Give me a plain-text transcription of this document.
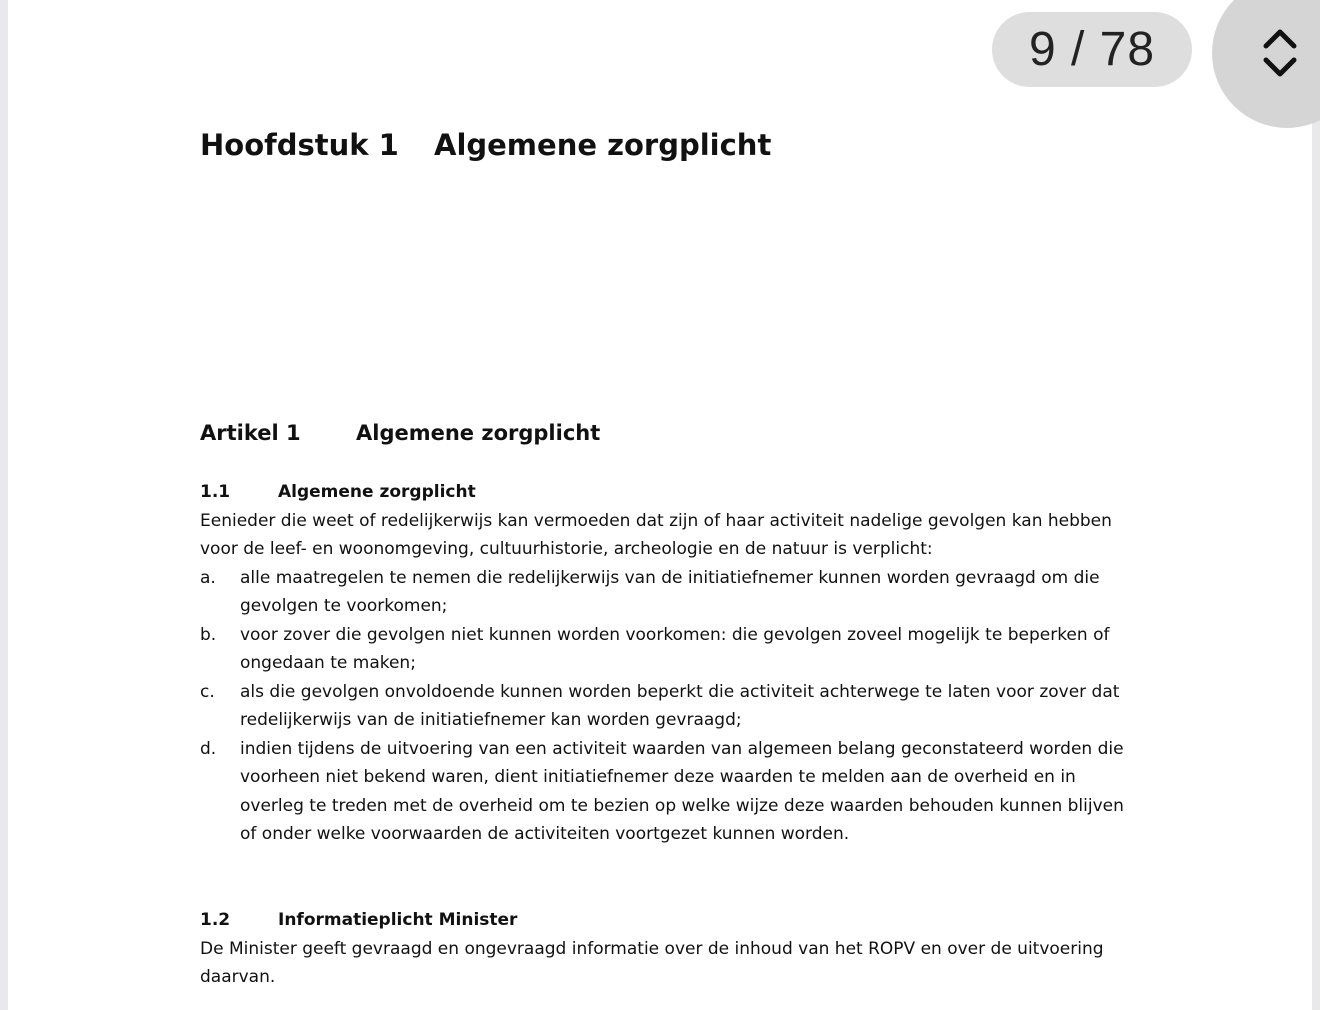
Hoofdstuk 1 Algemene zorgplicht
Artikel 1	Algemene zorgplicht
1.1	Algemene zorgplicht

Eenieder die weet of redelijkerwijs kan vermoeden dat zijn of haar activiteit nadelige gevolgen kan hebben voor de leef- en woonomgeving, cultuurhistorie, archeologie en de natuur is verplicht:

a. alle maatregelen te nemen die redelijkerwijs van de initiatiefnemer kunnen worden gevraagd om die gevolgen te voorkomen;
b. voor zover die gevolgen niet kunnen worden voorkomen: die gevolgen zoveel mogelijk te beperken of ongedaan te maken;
c. als die gevolgen onvoldoende kunnen worden beperkt die activiteit achterwege te laten voor zover dat redelijkerwijs van de initiatiefnemer kan worden gevraagd;
d. indien tijdens de uitvoering van een activiteit waarden van algemeen belang geconstateerd worden die voorheen niet bekend waren, dient initiatiefnemer deze waarden te melden aan de overheid en in overleg te treden met de overheid om te bezien op welke wijze deze waarden behouden kunnen blijven of onder welke voorwaarden de activiteiten voortgezet kunnen worden.
1.2	Informatieplicht Minister

De Minister geeft gevraagd en ongevraagd informatie over de inhoud van het ROPV en over de uitvoering daarvan.

9 / 78
